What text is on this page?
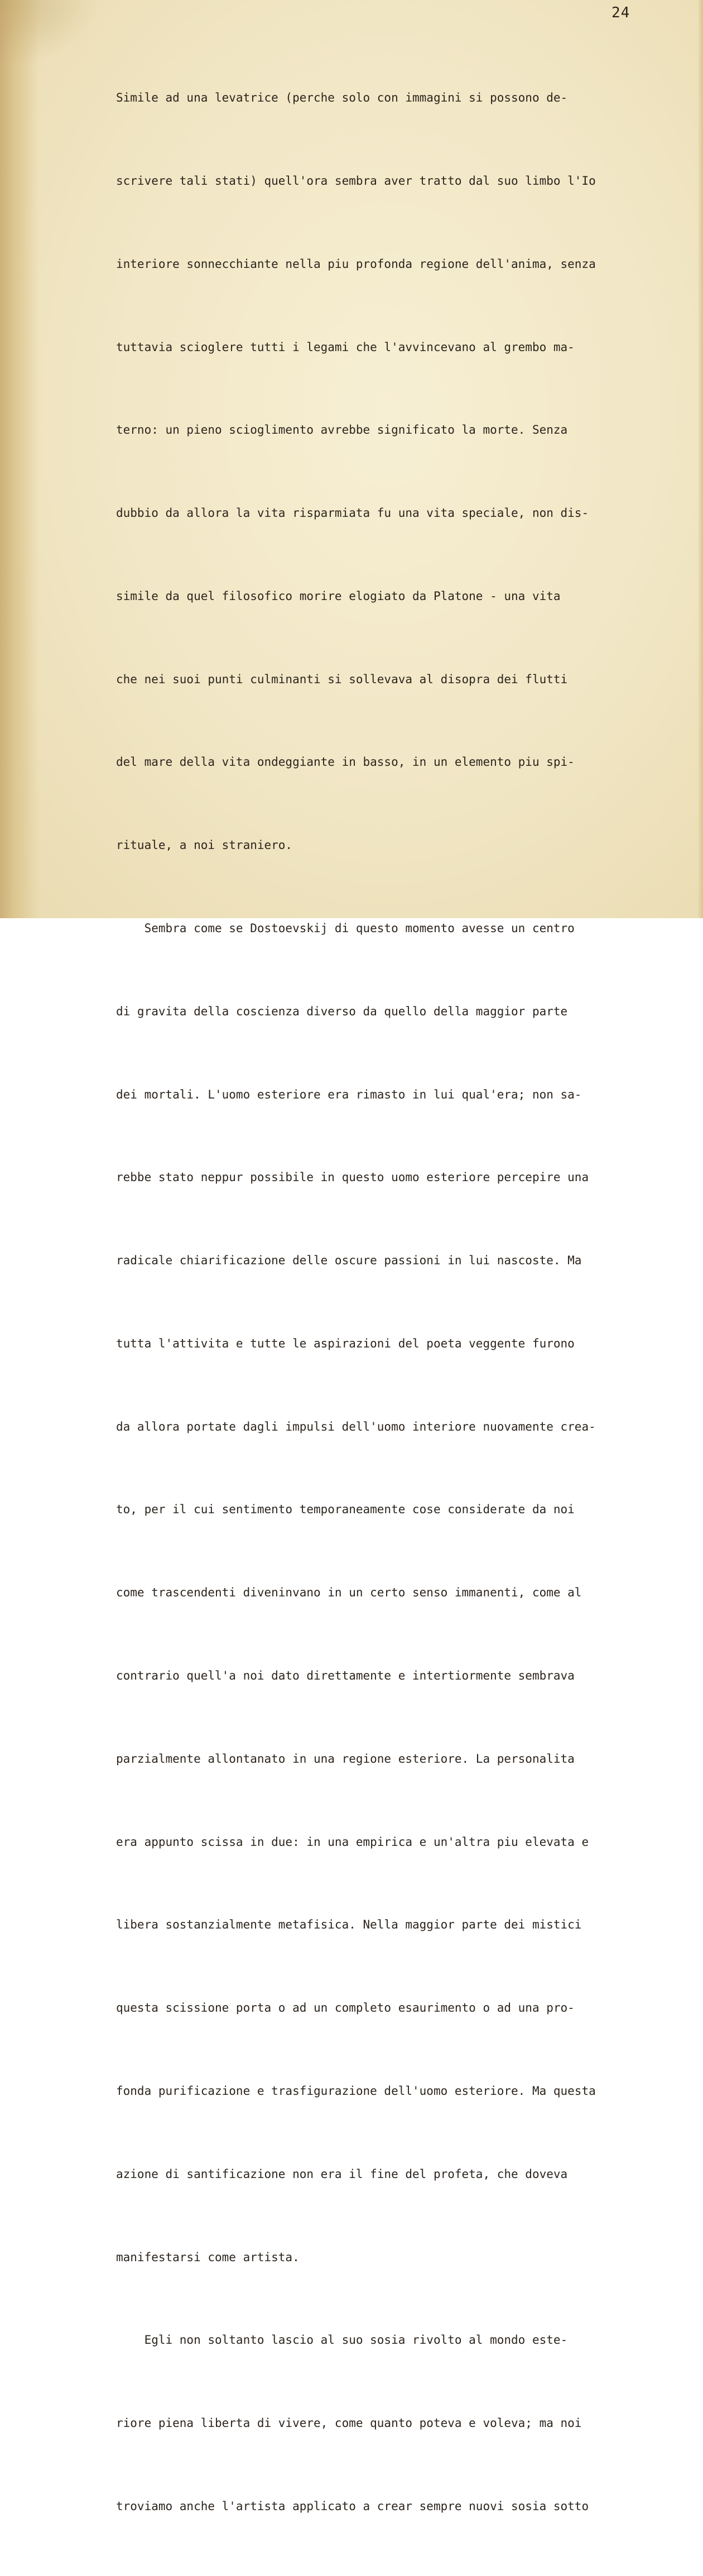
24

Simile ad una levatrice (perche solo con immagini si possono de-

scrivere tali stati) quell'ora sembra aver tratto dal suo limbo l'Io

interiore sonnecchiante nella piu profonda regione dell'anima, senza

tuttavia scioglere tutti i legami che l'avvincevano al grembo ma-

terno: un pieno scioglimento avrebbe significato la morte. Senza

dubbio da allora la vita risparmiata fu una vita speciale, non dis-

simile da quel filosofico morire elogiato da Platone - una vita

che nei suoi punti culminanti si sollevava al disopra dei flutti

del mare della vita ondeggiante in basso, in un elemento piu spi-

rituale, a noi straniero.

Sembra come se Dostoevskij di questo momento avesse un centro

di gravita della coscienza diverso da quello della maggior parte

dei mortali. L'uomo esteriore era rimasto in lui qual'era; non sa-

rebbe stato neppur possibile in questo uomo esteriore percepire una

radicale chiarificazione delle oscure passioni in lui nascoste. Ma

tutta l'attivita e tutte le aspirazioni del poeta veggente furono

da allora portate dagli impulsi dell'uomo interiore nuovamente crea-

to, per il cui sentimento temporaneamente cose considerate da noi

come trascendenti diveninvano in un certo senso immanenti, come al

contrario quell'a noi dato direttamente e intertiormente sembrava

parzialmente allontanato in una regione esteriore. La personalita

era appunto scissa in due: in una empirica e un'altra piu elevata e

libera sostanzialmente metafisica. Nella maggior parte dei mistici

questa scissione porta o ad un completo esaurimento o ad una pro-

fonda purificazione e trasfigurazione dell'uomo esteriore. Ma questa

azione di santificazione non era il fine del profeta, che doveva

manifestarsi come artista.

Egli non soltanto lascio al suo sosia rivolto al mondo este-

riore piena liberta di vivere, come quanto poteva e voleva; ma noi

troviamo anche l'artista applicato a crear sempre nuovi sosia sotto
